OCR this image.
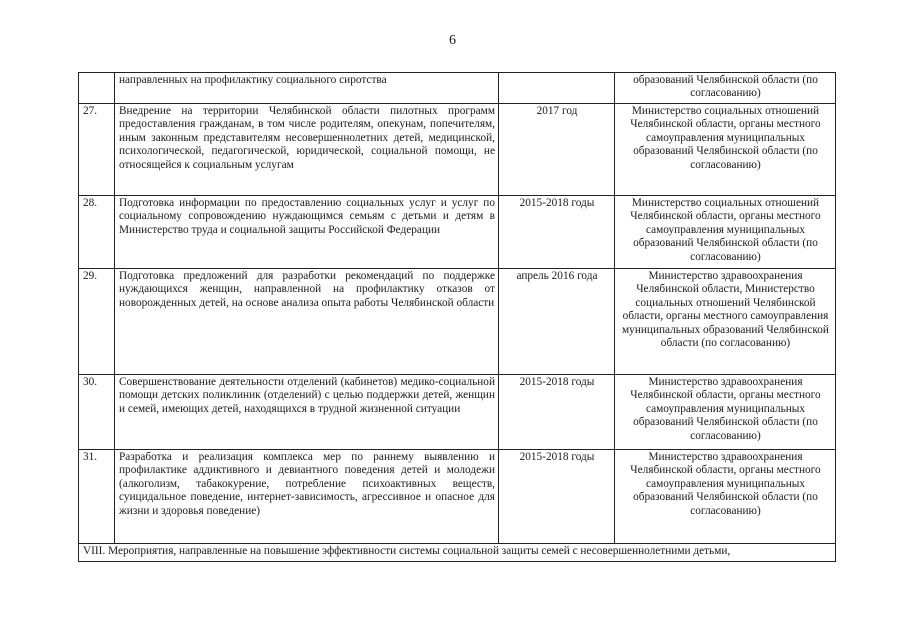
6
	направленных на профилактику социального сиротства		образований Челябинской области (по согласованию)
27.	Внедрение на территории Челябинской области пилотных программ предоставления гражданам, в том числе родителям, опекунам, попечителям, иным законным представителям несовершеннолетних детей, медицинской, психологической, педагогической, юридической, социальной помощи, не относящейся к социальным услугам	2017 год	Министерство социальных отношений Челябинской области, органы местного самоуправления муниципальных образований Челябинской области (по согласованию)
28.	Подготовка информации по предоставлению социальных услуг и услуг по социальному сопровождению нуждающимся семьям с детьми и детям в Министерство труда и социальной защиты Российской Федерации	2015-2018 годы	Министерство социальных отношений Челябинской области, органы местного самоуправления муниципальных образований Челябинской области (по согласованию)
29.	Подготовка предложений для разработки рекомендаций по поддержке нуждающихся женщин, направленной на профилактику отказов от новорожденных детей, на основе анализа опыта работы Челябинской области	апрель 2016 года	Министерство здравоохранения Челябинской области, Министерство социальных отношений Челябинской области, органы местного самоуправления муниципальных образований Челябинской области (по согласованию)
30.	Совершенствование деятельности отделений (кабинетов) медико-социальной помощи детских поликлиник (отделений) с целью поддержки детей, женщин и семей, имеющих детей, находящихся в трудной жизненной ситуации	2015-2018 годы	Министерство здравоохранения Челябинской области, органы местного самоуправления муниципальных образований Челябинской области (по согласованию)
31.	Разработка и реализация комплекса мер по раннему выявлению и профилактике аддиктивного и девиантного поведения детей и молодежи (алкоголизм, табакокурение, потребление психоактивных веществ, суицидальное поведение, интернет-зависимость, агрессивное и опасное для жизни и здоровья поведение)	2015-2018 годы	Министерство здравоохранения Челябинской области, органы местного самоуправления муниципальных образований Челябинской области (по согласованию)
VIII. Мероприятия, направленные на повышение эффективности системы социальной защиты семей с несовершеннолетними детьми,			
